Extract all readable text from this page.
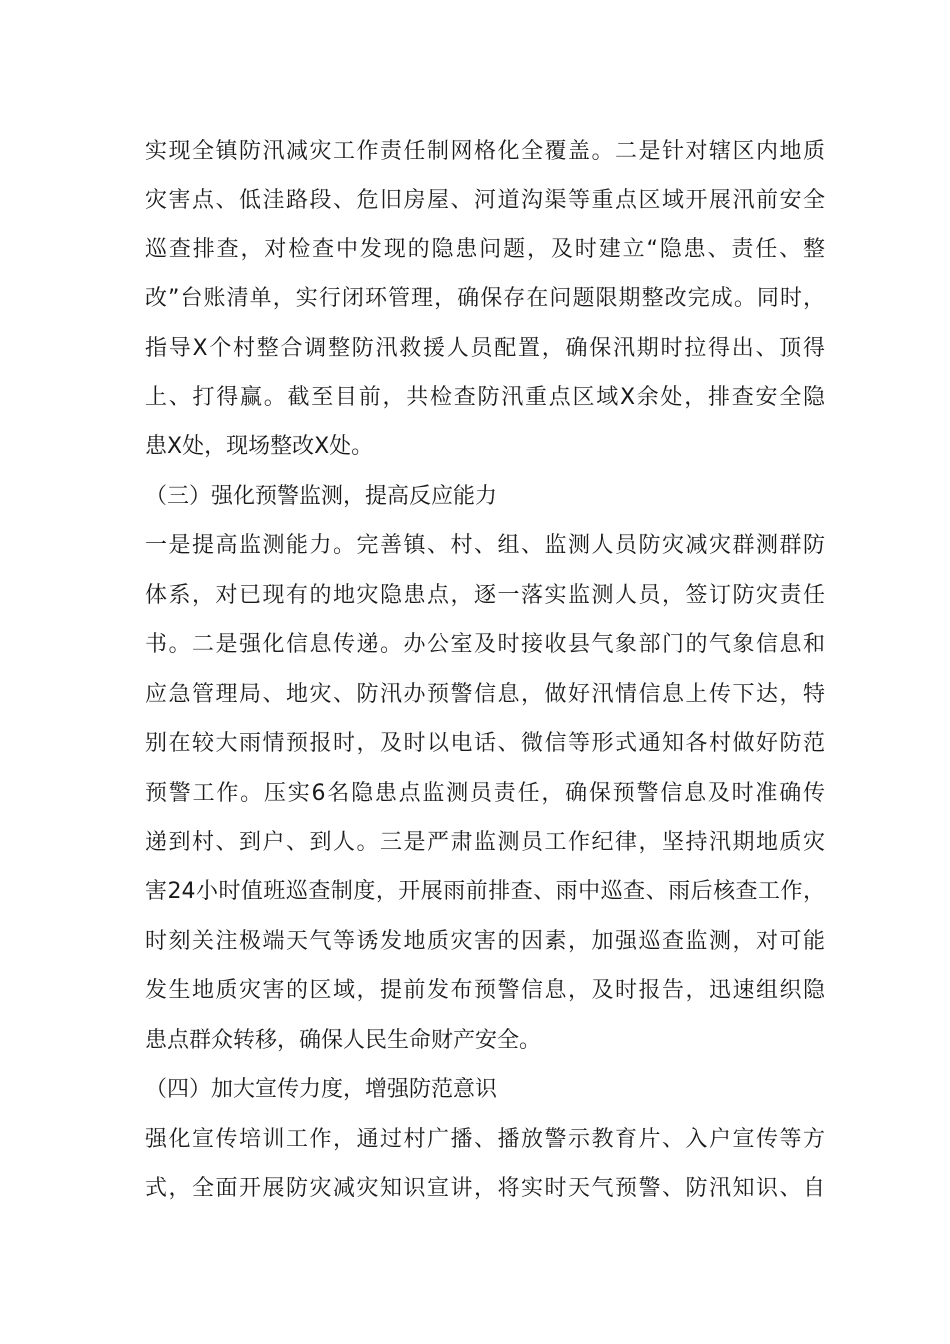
实现全镇防汛减灾工作责任制网格化全覆盖。二是针对辖区内地质
灾害点、低洼路段、危旧房屋、河道沟渠等重点区域开展汛前安全
巡查排查，对检查中发现的隐患问题，及时建立“隐患、责任、整
改”台账清单，实行闭环管理，确保存在问题限期整改完成。同时，
指导X个村整合调整防汛救援人员配置，确保汛期时拉得出、顶得
上、打得赢。截至目前，共检查防汛重点区域X余处，排查安全隐
患X处，现场整改X处。
（三）强化预警监测，提高反应能力
一是提高监测能力。完善镇、村、组、监测人员防灾减灾群测群防
体系，对已现有的地灾隐患点，逐一落实监测人员，签订防灾责任
书。二是强化信息传递。办公室及时接收县气象部门的气象信息和
应急管理局、地灾、防汛办预警信息，做好汛情信息上传下达，特
别在较大雨情预报时，及时以电话、微信等形式通知各村做好防范
预警工作。压实6名隐患点监测员责任，确保预警信息及时准确传
递到村、到户、到人。三是严肃监测员工作纪律，坚持汛期地质灾
害24小时值班巡查制度，开展雨前排查、雨中巡查、雨后核查工作，
时刻关注极端天气等诱发地质灾害的因素，加强巡查监测，对可能
发生地质灾害的区域，提前发布预警信息，及时报告，迅速组织隐
患点群众转移，确保人民生命财产安全。
（四）加大宣传力度，增强防范意识
强化宣传培训工作，通过村广播、播放警示教育片、入户宣传等方
式，全面开展防灾减灾知识宣讲，将实时天气预警、防汛知识、自
